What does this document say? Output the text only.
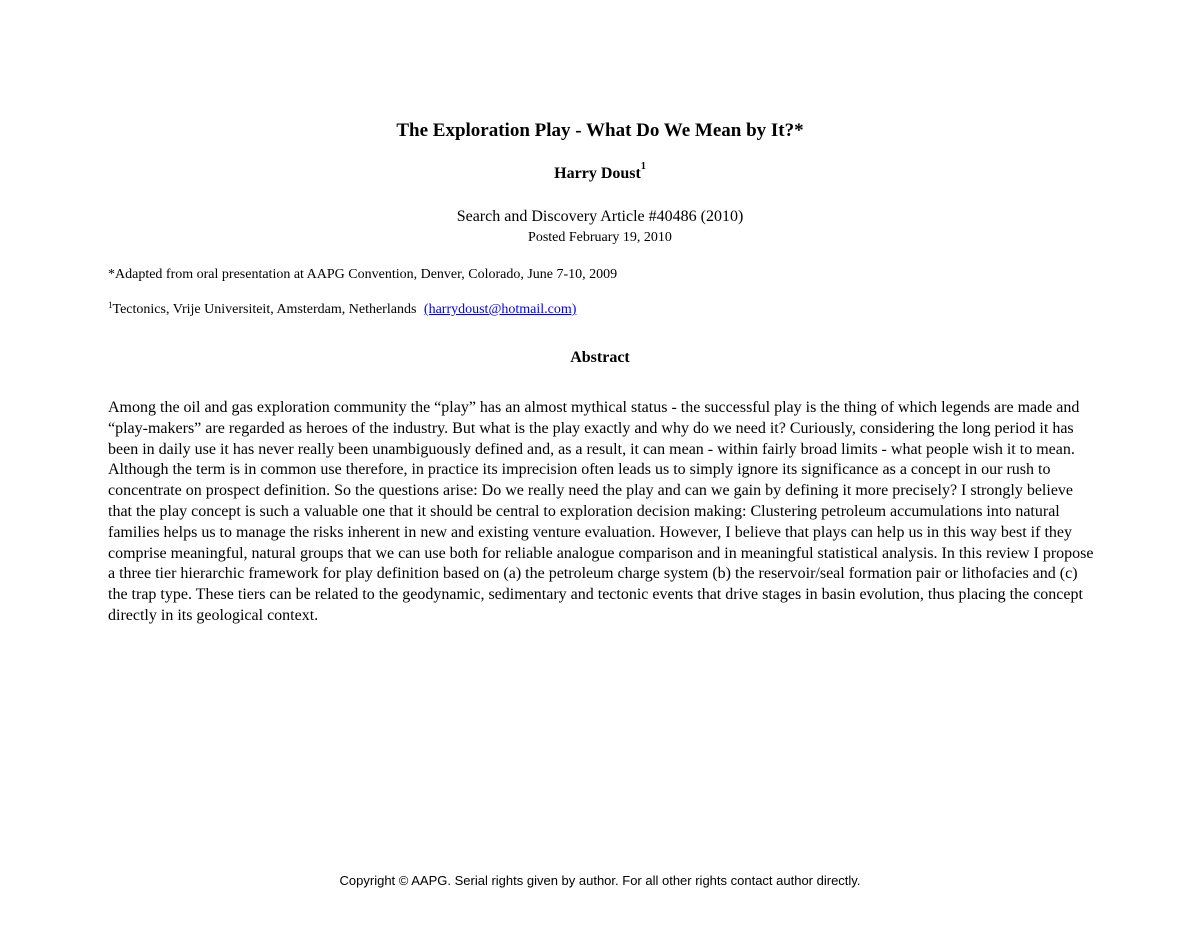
The Exploration Play - What Do We Mean by It?*
Harry Doust$^1$
Search and Discovery Article #40486 (2010)
Posted February 19, 2010
*Adapted from oral presentation at AAPG Convention, Denver, Colorado, June 7-10, 2009
$^1$Tectonics, Vrije Universiteit, Amsterdam, Netherlands (harrydoust@hotmail.com)
Abstract
Among the oil and gas exploration community the “play” has an almost mythical status - the successful play is the thing of which legends are made and “play-makers” are regarded as heroes of the industry. But what is the play exactly and why do we need it? Curiously, considering the long period it has been in daily use it has never really been unambiguously defined and, as a result, it can mean - within fairly broad limits - what people wish it to mean. Although the term is in common use therefore, in practice its imprecision often leads us to simply ignore its significance as a concept in our rush to concentrate on prospect definition. So the questions arise: Do we really need the play and can we gain by defining it more precisely? I strongly believe that the play concept is such a valuable one that it should be central to exploration decision making: Clustering petroleum accumulations into natural families helps us to manage the risks inherent in new and existing venture evaluation. However, I believe that plays can help us in this way best if they comprise meaningful, natural groups that we can use both for reliable analogue comparison and in meaningful statistical analysis. In this review I propose a three tier hierarchic framework for play definition based on (a) the petroleum charge system (b) the reservoir/seal formation pair or lithofacies and (c) the trap type. These tiers can be related to the geodynamic, sedimentary and tectonic events that drive stages in basin evolution, thus placing the concept directly in its geological context.
Copyright © AAPG. Serial rights given by author. For all other rights contact author directly.
